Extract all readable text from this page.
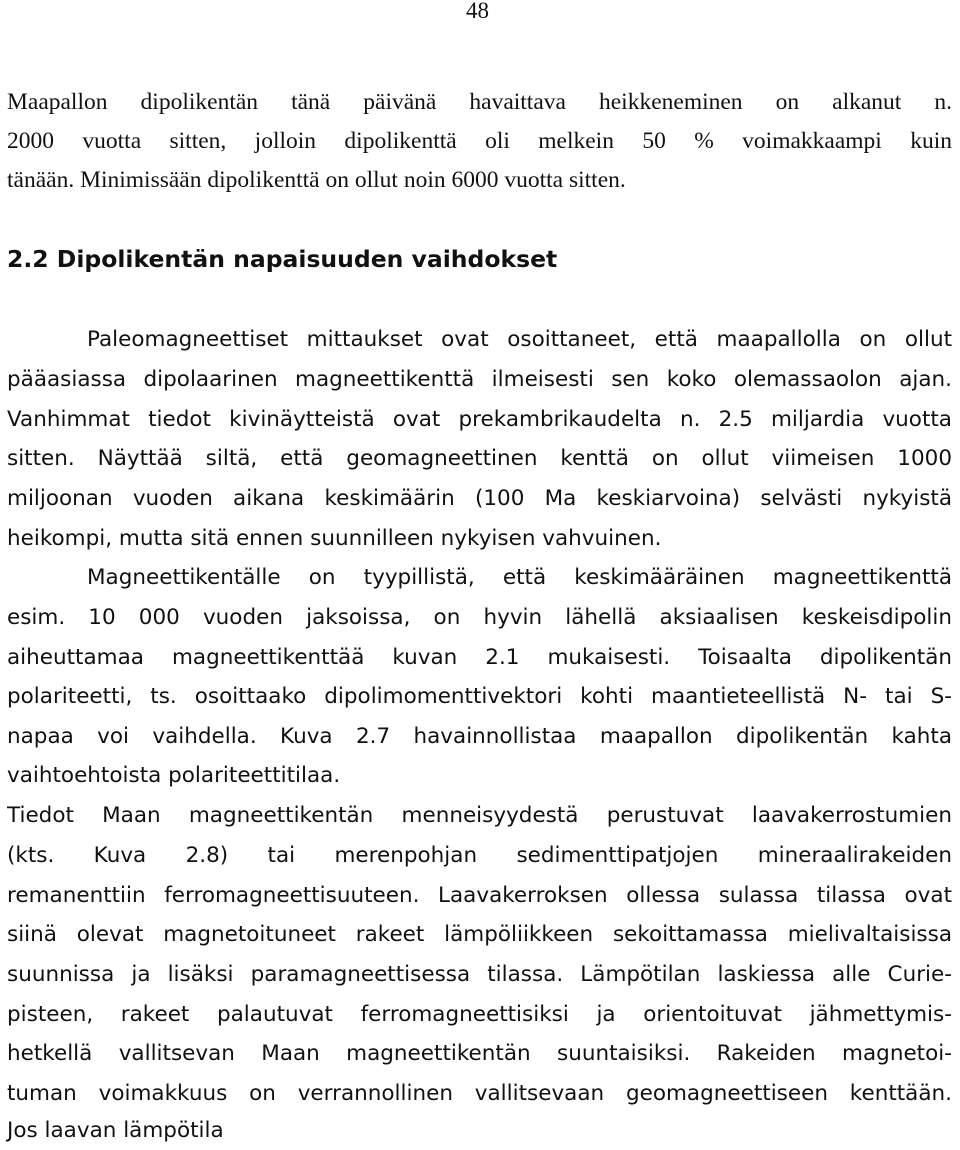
48
Maapallon dipolikentän tänä päivänä havaittava heikkeneminen on alkanut n.
2000 vuotta sitten, jolloin dipolikenttä oli melkein 50 % voimakkaampi kuin
tänään. Minimissään dipolikenttä on ollut noin 6000 vuotta sitten.
2.2 Dipolikentän napaisuuden vaihdokset
Paleomagneettiset mittaukset ovat osoittaneet, että maapallolla on ollut
pääasiassa dipolaarinen magneettikenttä ilmeisesti sen koko olemassaolon ajan.
Vanhimmat tiedot kivinäytteistä ovat prekambrikaudelta n. 2.5 miljardia vuotta
sitten. Näyttää siltä, että geomagneettinen kenttä on ollut viimeisen 1000
miljoonan vuoden aikana keskimäärin (100 Ma keskiarvoina) selvästi nykyistä
heikompi, mutta sitä ennen suunnilleen nykyisen vahvuinen.
Magneettikentälle on tyypillistä, että keskimääräinen magneettikenttä
esim. 10 000 vuoden jaksoissa, on hyvin lähellä aksiaalisen keskeisdipolin
aiheuttamaa magneettikenttää kuvan 2.1 mukaisesti. Toisaalta dipolikentän
polariteetti, ts. osoittaako dipolimomenttivektori kohti maantieteellistä N- tai S-
napaa voi vaihdella. Kuva 2.7 havainnollistaa maapallon dipolikentän kahta
vaihtoehtoista polariteettitilaa.
Tiedot Maan magneettikentän menneisyydestä perustuvat laavakerrostumien
(kts. Kuva 2.8) tai merenpohjan sedimenttipatjojen mineraalirakeiden
remanenttiin ferromagneettisuuteen. Laavakerroksen ollessa sulassa tilassa ovat
siinä olevat magnetoituneet rakeet lämpöliikkeen sekoittamassa mielivaltaisissa
suunnissa ja lisäksi paramagneettisessa tilassa. Lämpötilan laskiessa alle Curie-
pisteen, rakeet palautuvat ferromagneettisiksi ja orientoituvat jähmettymis-
hetkellä vallitsevan Maan magneettikentän suuntaisiksi. Rakeiden magnetoi-
tuman voimakkuus on verrannollinen vallitsevaan geomagneettiseen kenttään.
Jos laavan lämpötila
